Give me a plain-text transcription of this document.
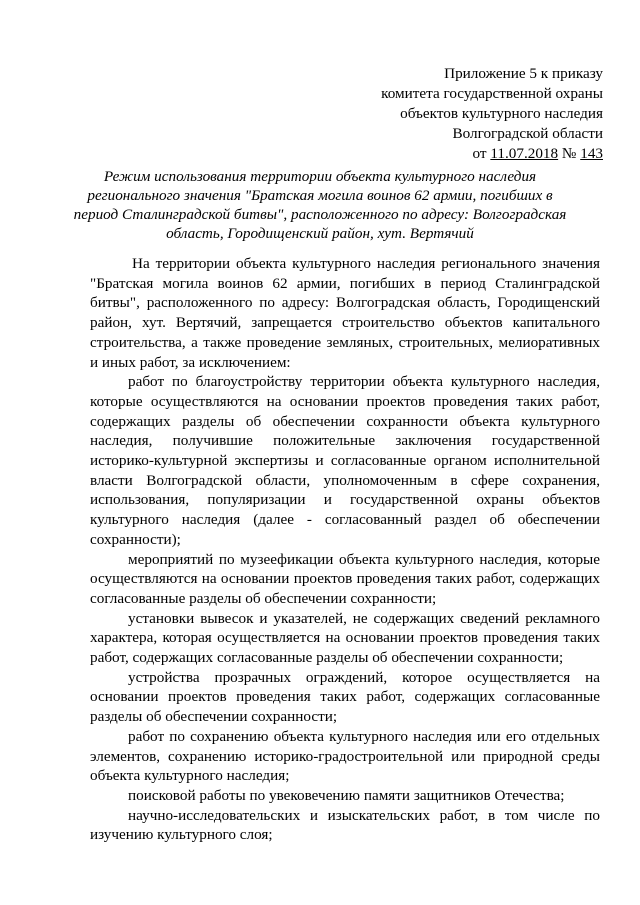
Приложение 5 к приказу
комитета государственной охраны
объектов культурного наследия
Волгоградской области
от 11.07.2018 № 143
Режим использования территории объекта культурного наследия
регионального значения "Братская могила воинов 62 армии, погибших в
период Сталинградской битвы", расположенного по адресу: Волгоградская
область, Городищенский район, хут. Вертячий

На территории объекта культурного наследия регионального значения "Братская могила воинов 62 армии, погибших в период Сталинградской битвы", расположенного по адресу: Волгоградская область, Городищенский район, хут. Вертячий, запрещается строительство объектов капитального строительства, а также проведение земляных, строительных, мелиоративных и иных работ, за исключением:

работ по благоустройству территории объекта культурного наследия, которые осуществляются на основании проектов проведения таких работ, содержащих разделы об обеспечении сохранности объекта культурного наследия, получившие положительные заключения государственной историко-культурной экспертизы и согласованные органом исполнительной власти Волгоградской области, уполномоченным в сфере сохранения, использования, популяризации и государственной охраны объектов культурного наследия (далее - согласованный раздел об обеспечении сохранности);

мероприятий по музеефикации объекта культурного наследия, которые осуществляются на основании проектов проведения таких работ, содержащих согласованные разделы об обеспечении сохранности;

установки вывесок и указателей, не содержащих сведений рекламного характера, которая осуществляется на основании проектов проведения таких работ, содержащих согласованные разделы об обеспечении сохранности;

устройства прозрачных ограждений, которое осуществляется на основании проектов проведения таких работ, содержащих согласованные разделы об обеспечении сохранности;

работ по сохранению объекта культурного наследия или его отдельных элементов, сохранению историко-градостроительной или природной среды объекта культурного наследия;

поисковой работы по увековечению памяти защитников Отечества;

научно-исследовательских и изыскательских работ, в том числе по изучению культурного слоя;
